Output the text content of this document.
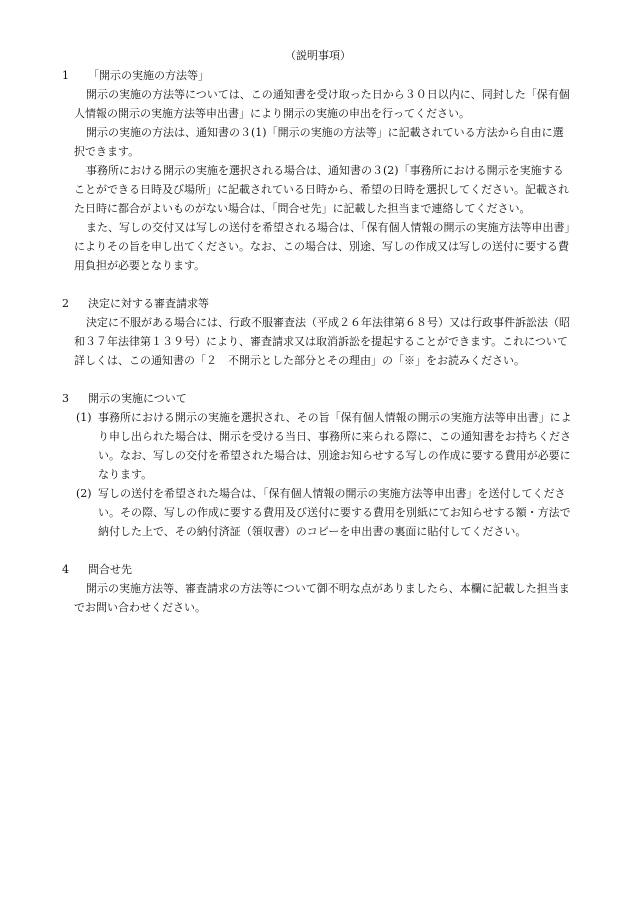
（説明事項）
1	「開示の実施の方法等」

開示の実施の方法等については、この通知書を受け取った日から３０日以内に、同封した「保有個人情報の開示の実施方法等申出書」により開示の実施の申出を行ってください。

開示の実施の方法は、通知書の３(1)「開示の実施の方法等」に記載されている方法から自由に選択できます。

事務所における開示の実施を選択される場合は、通知書の３(2)「事務所における開示を実施することができる日時及び場所」に記載されている日時から、希望の日時を選択してください。記載された日時に都合がよいものがない場合は、「問合せ先」に記載した担当まで連絡してください。

また、写しの交付又は写しの送付を希望される場合は、「保有個人情報の開示の実施方法等申出書」によりその旨を申し出てください。なお、この場合は、別途、写しの作成又は写しの送付に要する費用負担が必要となります。

2	決定に対する審査請求等

決定に不服がある場合には、行政不服審査法（平成２６年法律第６８号）又は行政事件訴訟法（昭和３７年法律第１３９号）により、審査請求又は取消訴訟を提起することができます。これについて詳しくは、この通知書の「２　不開示とした部分とその理由」の「※」をお読みください。

3	開示の実施について
(1) 事務所における開示の実施を選択され、その旨「保有個人情報の開示の実施方法等申出書」により申し出られた場合は、開示を受ける当日、事務所に来られる際に、この通知書をお持ちください。なお、写しの交付を希望された場合は、別途お知らせする写しの作成に要する費用が必要になります。
(2) 写しの送付を希望された場合は、「保有個人情報の開示の実施方法等申出書」を送付してください。その際、写しの作成に要する費用及び送付に要する費用を別紙にてお知らせする額・方法で納付した上で、その納付済証（領収書）のコピーを申出書の裏面に貼付してください。
4	問合せ先

開示の実施方法等、審査請求の方法等について御不明な点がありましたら、本欄に記載した担当までお問い合わせください。
